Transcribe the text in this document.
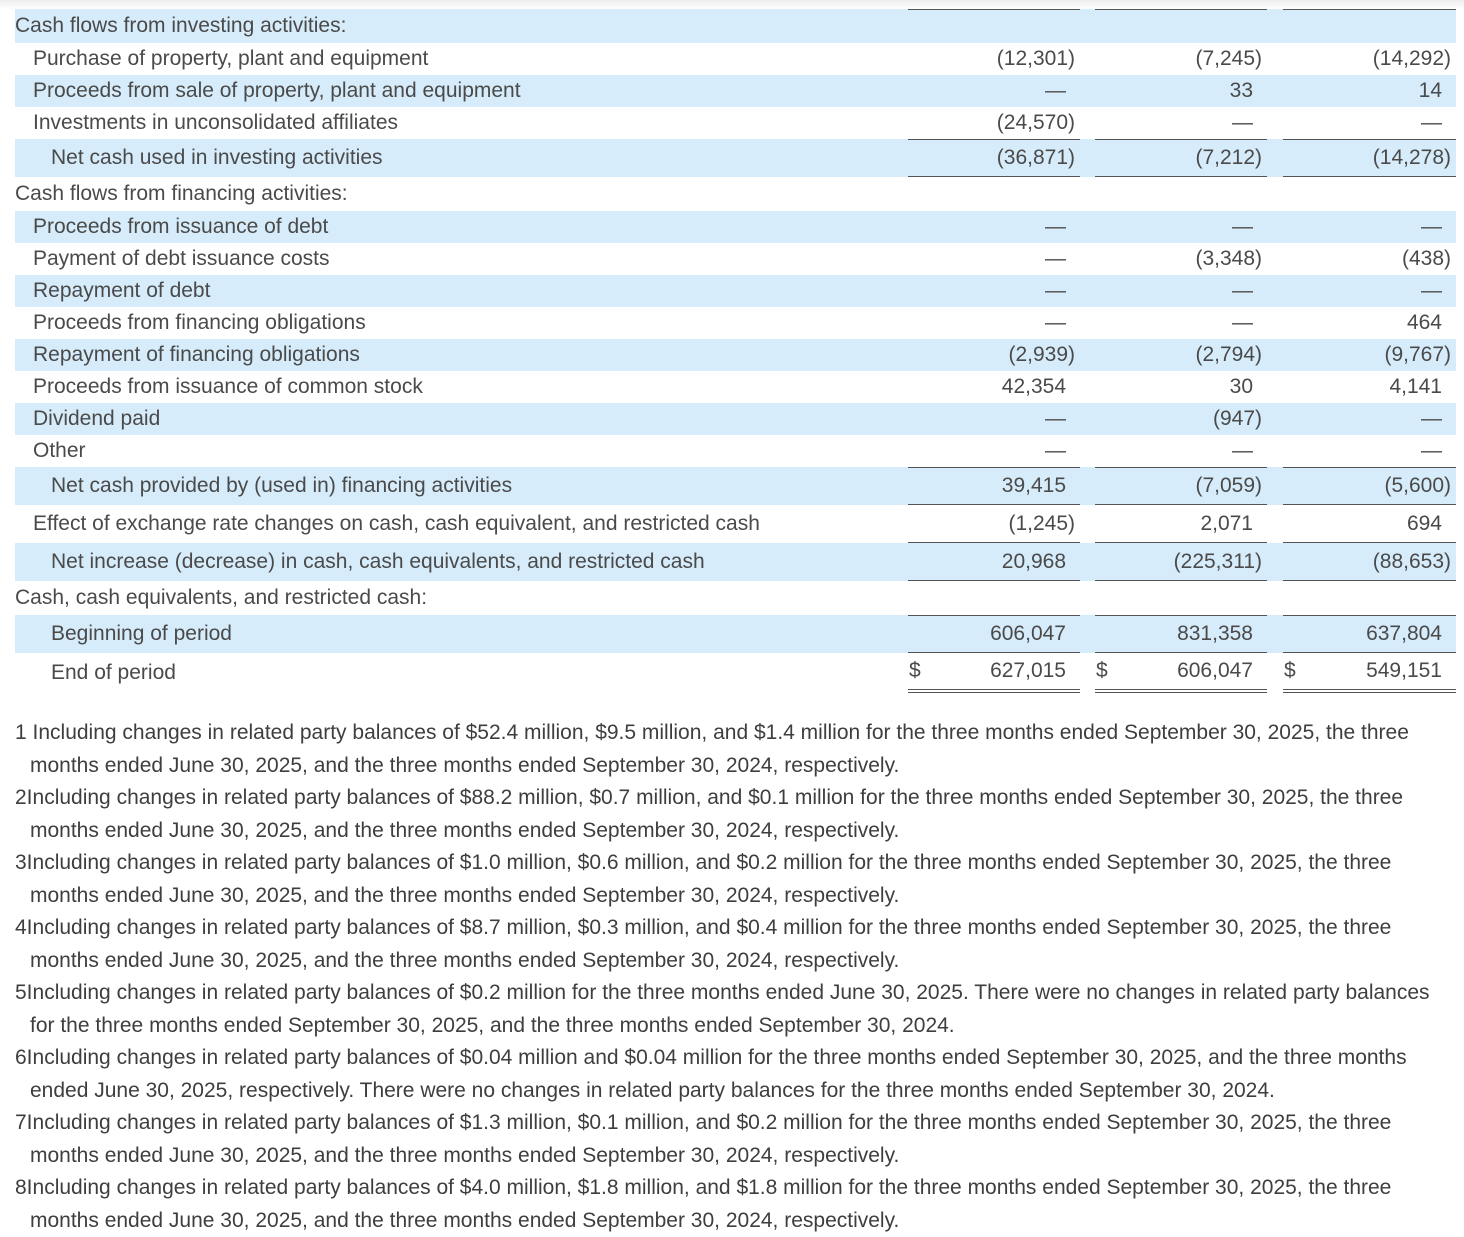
Cash flows from investing activities:					
Purchase of property, plant and equipment	(12,301)		(7,245)		(14,292)
Proceeds from sale of property, plant and equipment	—		33		14
Investments in unconsolidated affiliates	(24,570)		—		—
Net cash used in investing activities	(36,871)		(7,212)		(14,278)
Cash flows from financing activities:					
Proceeds from issuance of debt	—		—		—
Payment of debt issuance costs	—		(3,348)		(438)
Repayment of debt	—		—		—
Proceeds from financing obligations	—		—		464
Repayment of financing obligations	(2,939)		(2,794)		(9,767)
Proceeds from issuance of common stock	42,354		30		4,141
Dividend paid	—		(947)		—
Other	—		—		—
Net cash provided by (used in) financing activities	39,415		(7,059)		(5,600)
Effect of exchange rate changes on cash, cash equivalent, and restricted cash	(1,245)		2,071		694
Net increase (decrease) in cash, cash equivalents, and restricted cash	20,968		(225,311)		(88,653)
Cash, cash equivalents, and restricted cash:					
Beginning of period	606,047		831,358		637,804
End of period	$ 627,015		$ 606,047		$ 549,151
1 Including changes in related party balances of $52.4 million, $9.5 million, and $1.4 million for the three months ended September 30, 2025, the three months ended June 30, 2025, and the three months ended September 30, 2024, respectively.
2Including changes in related party balances of $88.2 million, $0.7 million, and $0.1 million for the three months ended September 30, 2025, the three months ended June 30, 2025, and the three months ended September 30, 2024, respectively.
3Including changes in related party balances of $1.0 million, $0.6 million, and $0.2 million for the three months ended September 30, 2025, the three months ended June 30, 2025, and the three months ended September 30, 2024, respectively.
4Including changes in related party balances of $8.7 million, $0.3 million, and $0.4 million for the three months ended September 30, 2025, the three months ended June 30, 2025, and the three months ended September 30, 2024, respectively.
5Including changes in related party balances of $0.2 million for the three months ended June 30, 2025. There were no changes in related party balances for the three months ended September 30, 2025, and the three months ended September 30, 2024.
6Including changes in related party balances of $0.04 million and $0.04 million for the three months ended September 30, 2025, and the three months ended June 30, 2025, respectively. There were no changes in related party balances for the three months ended September 30, 2024.
7Including changes in related party balances of $1.3 million, $0.1 million, and $0.2 million for the three months ended September 30, 2025, the three months ended June 30, 2025, and the three months ended September 30, 2024, respectively.
8Including changes in related party balances of $4.0 million, $1.8 million, and $1.8 million for the three months ended September 30, 2025, the three months ended June 30, 2025, and the three months ended September 30, 2024, respectively.
